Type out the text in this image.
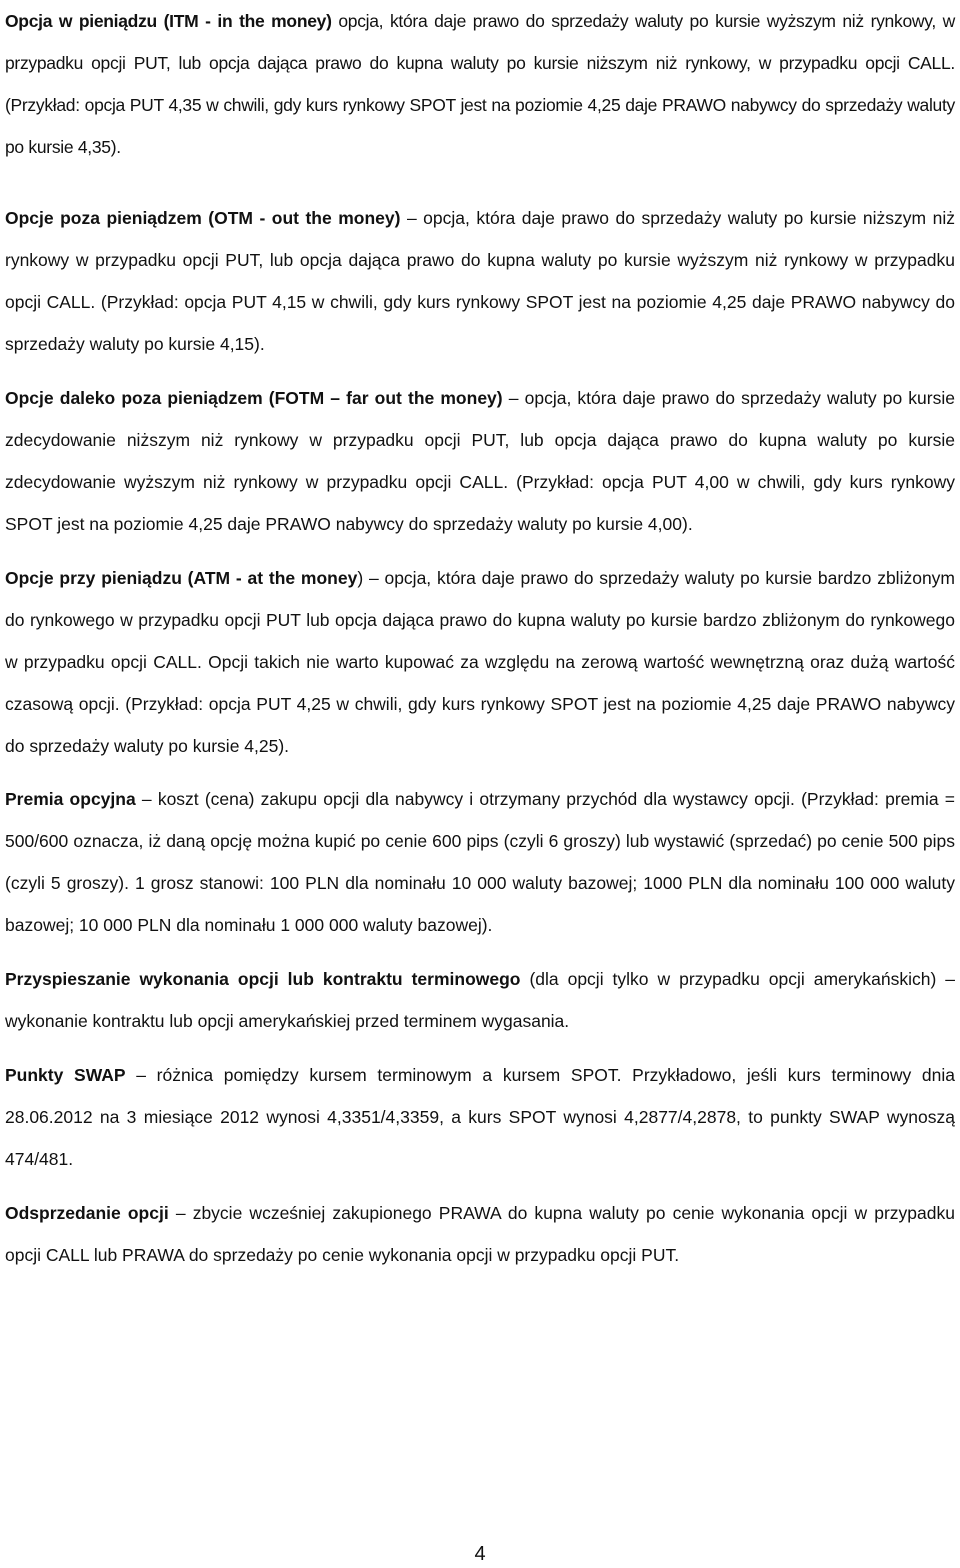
Opcja w pieniądzu (ITM - in the money) opcja, która daje prawo do sprzedaży waluty po kursie wyższym niż rynkowy, w przypadku opcji PUT, lub opcja dająca prawo do kupna waluty po kursie niższym niż rynkowy, w przypadku opcji CALL. (Przykład: opcja PUT 4,35 w chwili, gdy kurs rynkowy SPOT jest na poziomie 4,25 daje PRAWO nabywcy do sprzedaży waluty po kursie 4,35).

Opcje poza pieniądzem (OTM - out the money) – opcja, która daje prawo do sprzedaży waluty po kursie niższym niż rynkowy w przypadku opcji PUT, lub opcja dająca prawo do kupna waluty po kursie wyższym niż rynkowy w przypadku opcji CALL. (Przykład: opcja PUT 4,15 w chwili, gdy kurs rynkowy SPOT jest na poziomie 4,25 daje PRAWO nabywcy do sprzedaży waluty po kursie 4,15).

Opcje daleko poza pieniądzem (FOTM – far out the money) – opcja, która daje prawo do sprzedaży waluty po kursie zdecydowanie niższym niż rynkowy w przypadku opcji PUT, lub opcja dająca prawo do kupna waluty po kursie zdecydowanie wyższym niż rynkowy w przypadku opcji CALL. (Przykład: opcja PUT 4,00 w chwili, gdy kurs rynkowy SPOT jest na poziomie 4,25 daje PRAWO nabywcy do sprzedaży waluty po kursie 4,00).

Opcje przy pieniądzu (ATM - at the money) – opcja, która daje prawo do sprzedaży waluty po kursie bardzo zbliżonym do rynkowego w przypadku opcji PUT lub opcja dająca prawo do kupna waluty po kursie bardzo zbliżonym do rynkowego w przypadku opcji CALL. Opcji takich nie warto kupować za względu na zerową wartość wewnętrzną oraz dużą wartość czasową opcji. (Przykład: opcja PUT 4,25 w chwili, gdy kurs rynkowy SPOT jest na poziomie 4,25 daje PRAWO nabywcy do sprzedaży waluty po kursie 4,25).

Premia opcyjna – koszt (cena) zakupu opcji dla nabywcy i otrzymany przychód dla wystawcy opcji. (Przykład: premia = 500/600 oznacza, iż daną opcję można kupić po cenie 600 pips (czyli 6 groszy) lub wystawić (sprzedać) po cenie 500 pips (czyli 5 groszy). 1 grosz stanowi: 100 PLN dla nominału 10 000 waluty bazowej; 1000 PLN dla nominału 100 000 waluty bazowej; 10 000 PLN dla nominału 1 000 000 waluty bazowej).

Przyspieszanie wykonania opcji lub kontraktu terminowego (dla opcji tylko w przypadku opcji amerykańskich) – wykonanie kontraktu lub opcji amerykańskiej przed terminem wygasania.

Punkty SWAP – różnica pomiędzy kursem terminowym a kursem SPOT. Przykładowo, jeśli kurs terminowy dnia 28.06.2012 na 3 miesiące 2012 wynosi 4,3351/4,3359, a kurs SPOT wynosi 4,2877/4,2878, to punkty SWAP wynoszą 474/481.

Odsprzedanie opcji – zbycie wcześniej zakupionego PRAWA do kupna waluty po cenie wykonania opcji w przypadku opcji CALL lub PRAWA do sprzedaży po cenie wykonania opcji w przypadku opcji PUT.

4
